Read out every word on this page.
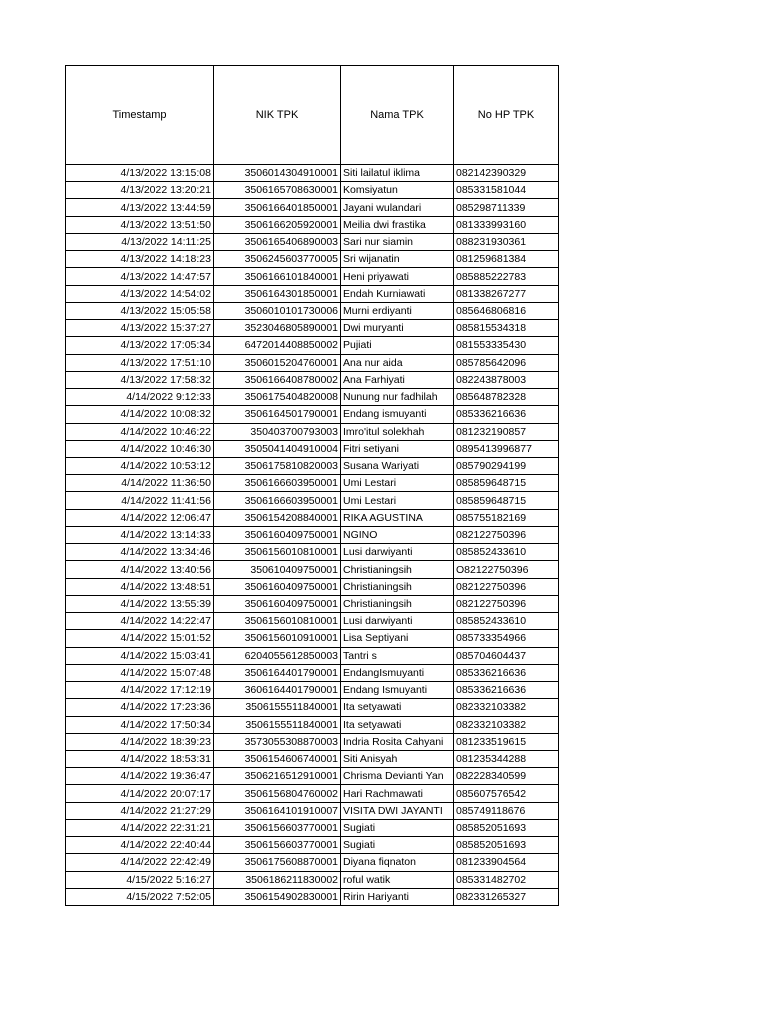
Timestamp	NIK TPK	Nama TPK	No HP TPK
4/13/2022 13:15:08	3506014304910001	Siti lailatul iklima	082142390329
4/13/2022 13:20:21	3506165708630001	Komsiyatun	085331581044
4/13/2022 13:44:59	3506166401850001	Jayani wulandari	085298711339
4/13/2022 13:51:50	3506166205920001	Meilia dwi frastika	081333993160
4/13/2022 14:11:25	3506165406890003	Sari nur siamin	088231930361
4/13/2022 14:18:23	3506245603770005	Sri wijanatin	081259681384
4/13/2022 14:47:57	3506166101840001	Heni priyawati	085885222783
4/13/2022 14:54:02	3506164301850001	Endah Kurniawati	081338267277
4/13/2022 15:05:58	3506010101730006	Murni erdiyanti	085646806816
4/13/2022 15:37:27	3523046805890001	Dwi muryanti	085815534318
4/13/2022 17:05:34	6472014408850002	Pujiati	081553335430
4/13/2022 17:51:10	3506015204760001	Ana nur aida	085785642096
4/13/2022 17:58:32	3506166408780002	Ana Farhiyati	082243878003
4/14/2022 9:12:33	3506175404820008	Nunung nur fadhilah	085648782328
4/14/2022 10:08:32	3506164501790001	Endang ismuyanti	085336216636
4/14/2022 10:46:22	350403700793003	Imro'itul solekhah	081232190857
4/14/2022 10:46:30	3505041404910004	Fitri setiyani	0895413996877
4/14/2022 10:53:12	3506175810820003	Susana Wariyati	085790294199
4/14/2022 11:36:50	3506166603950001	Umi Lestari	085859648715
4/14/2022 11:41:56	3506166603950001	Umi Lestari	085859648715
4/14/2022 12:06:47	3506154208840001	RIKA AGUSTINA	085755182169
4/14/2022 13:14:33	3506160409750001	NGINO	082122750396
4/14/2022 13:34:46	3506156010810001	Lusi darwiyanti	085852433610
4/14/2022 13:40:56	350610409750001	Christianingsih	O82122750396
4/14/2022 13:48:51	3506160409750001	Christianingsih	082122750396
4/14/2022 13:55:39	3506160409750001	Christianingsih	082122750396
4/14/2022 14:22:47	3506156010810001	Lusi darwiyanti	085852433610
4/14/2022 15:01:52	3506156010910001	Lisa Septiyani	085733354966
4/14/2022 15:03:41	6204055612850003	Tantri s	085704604437
4/14/2022 15:07:48	3506164401790001	EndangIsmuyanti	085336216636
4/14/2022 17:12:19	3606164401790001	Endang Ismuyanti	085336216636
4/14/2022 17:23:36	3506155511840001	Ita setyawati	082332103382
4/14/2022 17:50:34	3506155511840001	Ita setyawati	082332103382
4/14/2022 18:39:23	3573055308870003	Indria Rosita Cahyani	081233519615
4/14/2022 18:53:31	3506154606740001	Siti Anisyah	081235344288
4/14/2022 19:36:47	3506216512910001	Chrisma Devianti Yan	082228340599
4/14/2022 20:07:17	3506156804760002	Hari Rachmawati	085607576542
4/14/2022 21:27:29	3506164101910007	VISITA DWI JAYANTI	085749118676
4/14/2022 22:31:21	3506156603770001	Sugiati	085852051693
4/14/2022 22:40:44	3506156603770001	Sugiati	085852051693
4/14/2022 22:42:49	3506175608870001	Diyana fiqnaton	081233904564
4/15/2022 5:16:27	3506186211830002	roful watik	085331482702
4/15/2022 7:52:05	3506154902830001	Ririn Hariyanti	082331265327
